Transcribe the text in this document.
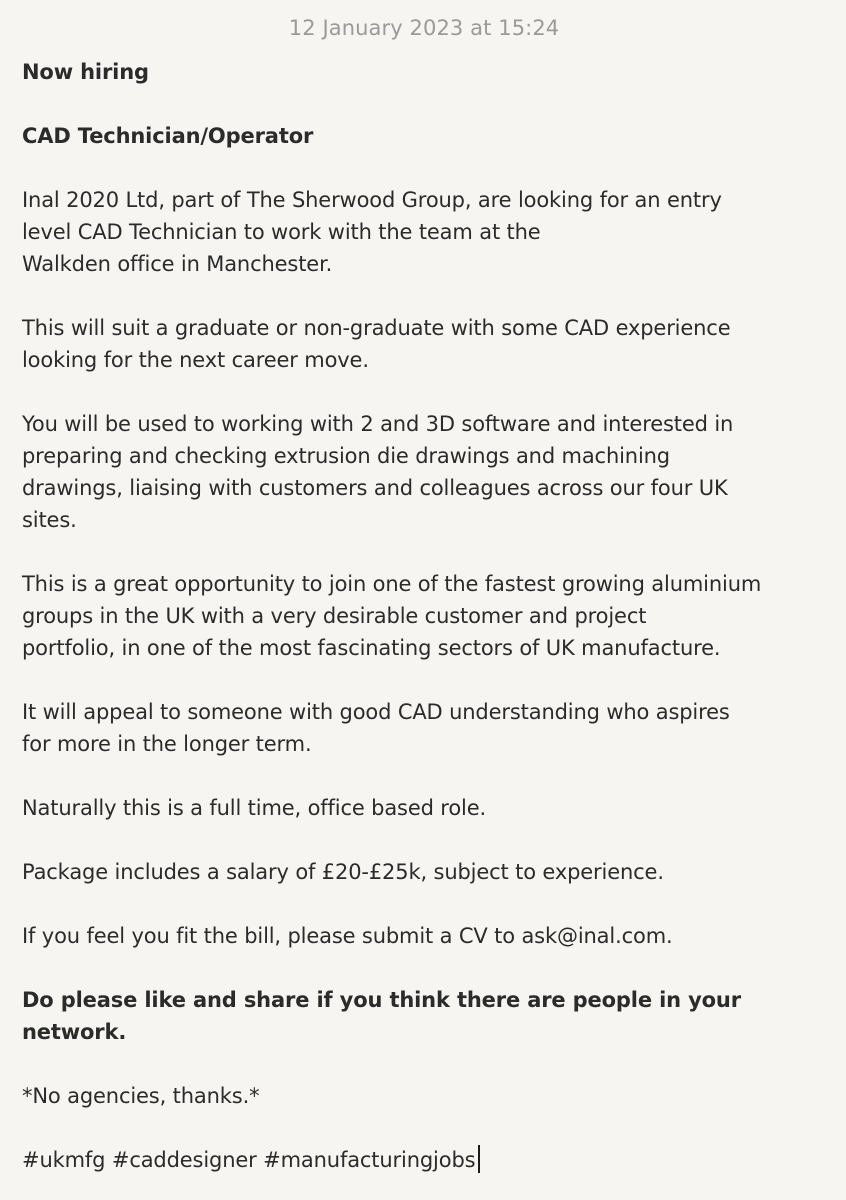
12 January 2023 at 15:24

Now hiring

CAD Technician/Operator

Inal 2020 Ltd, part of The Sherwood Group, are looking for an entry
level CAD Technician to work with the team at the
Walkden office in Manchester.

This will suit a graduate or non-graduate with some CAD experience
looking for the next career move.

You will be used to working with 2 and 3D software and interested in
preparing and checking extrusion die drawings and machining
drawings, liaising with customers and colleagues across our four UK
sites.

This is a great opportunity to join one of the fastest growing aluminium
groups in the UK with a very desirable customer and project
portfolio, in one of the most fascinating sectors of UK manufacture.

It will appeal to someone with good CAD understanding who aspires
for more in the longer term.

Naturally this is a full time, office based role.

Package includes a salary of £20-£25k, subject to experience.

If you feel you fit the bill, please submit a CV to ask@inal.com.

Do please like and share if you think there are people in your
network.

*No agencies, thanks.*

#ukmfg #caddesigner #manufacturingjobs
